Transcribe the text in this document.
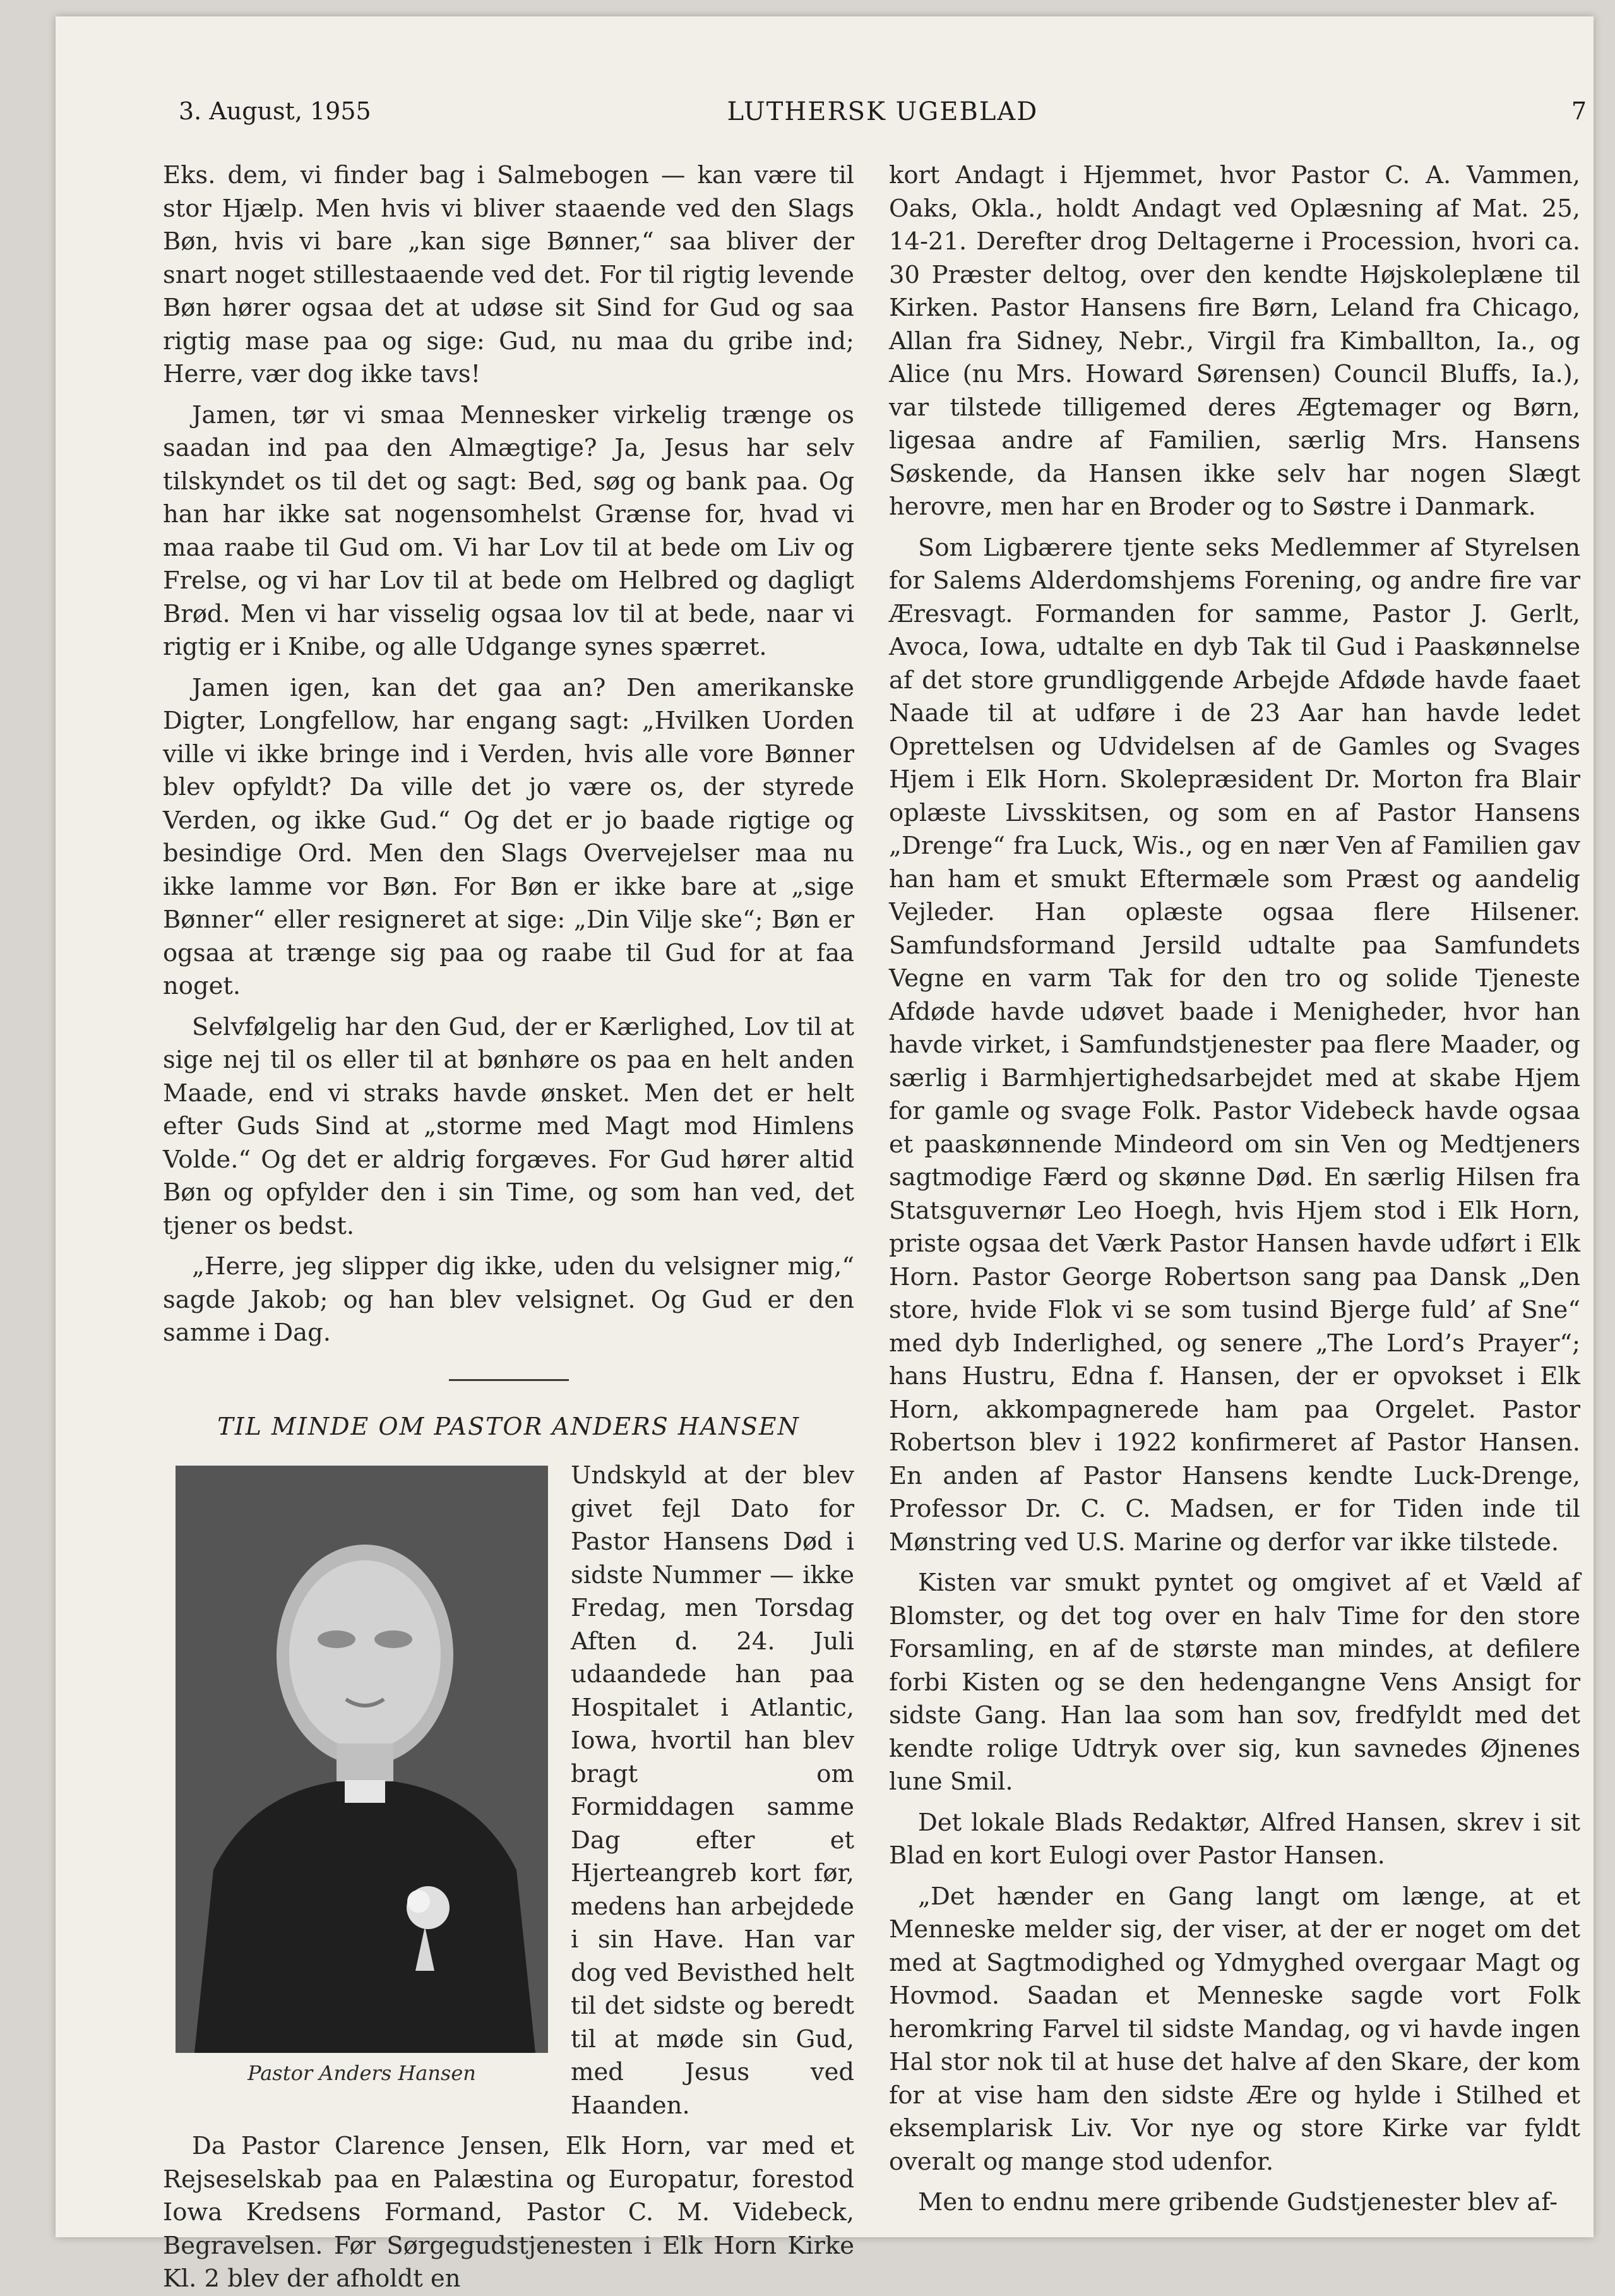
3. August, 1955	LUTHERSK UGEBLAD	7

Eks. dem, vi finder bag i Salmebogen — kan være til stor Hjælp. Men hvis vi bliver staaende ved den Slags Bøn, hvis vi bare „kan sige Bønner,“ saa bliver der snart noget stillestaaende ved det. For til rigtig levende Bøn hører ogsaa det at udøse sit Sind for Gud og saa rigtig mase paa og sige: Gud, nu maa du gribe ind; Herre, vær dog ikke tavs!

Jamen, tør vi smaa Mennesker virkelig trænge os saadan ind paa den Almægtige? Ja, Jesus har selv tilskyndet os til det og sagt: Bed, søg og bank paa. Og han har ikke sat nogensomhelst Grænse for, hvad vi maa raabe til Gud om. Vi har Lov til at bede om Liv og Frelse, og vi har Lov til at bede om Helbred og dagligt Brød. Men vi har visselig ogsaa lov til at bede, naar vi rigtig er i Knibe, og alle Udgange synes spærret.

Jamen igen, kan det gaa an? Den amerikanske Digter, Longfellow, har engang sagt: „Hvilken Uorden ville vi ikke bringe ind i Verden, hvis alle vore Bønner blev opfyldt? Da ville det jo være os, der styrede Verden, og ikke Gud.“ Og det er jo baade rigtige og besindige Ord. Men den Slags Overvejelser maa nu ikke lamme vor Bøn. For Bøn er ikke bare at „sige Bønner“ eller resigneret at sige: „Din Vilje ske“; Bøn er ogsaa at trænge sig paa og raabe til Gud for at faa noget.

Selvfølgelig har den Gud, der er Kærlighed, Lov til at sige nej til os eller til at bønhøre os paa en helt anden Maade, end vi straks havde ønsket. Men det er helt efter Guds Sind at „storme med Magt mod Himlens Volde.“ Og det er aldrig forgæves. For Gud hører altid Bøn og opfylder den i sin Time, og som han ved, det tjener os bedst.

„Herre, jeg slipper dig ikke, uden du velsigner mig,“ sagde Jakob; og han blev velsignet. Og Gud er den samme i Dag.

TIL MINDE OM PASTOR ANDERS HANSEN
Pastor Anders Hansen

Undskyld at der blev givet fejl Dato for Pastor Hansens Død i sidste Nummer — ikke Fredag, men Torsdag Aften d. 24. Juli udaandede han paa Hospitalet i Atlantic, Iowa, hvortil han blev bragt om Formiddagen samme Dag efter et Hjerteangreb kort før, medens han arbejdede i sin Have. Han var dog ved Bevisthed helt til det sidste og beredt til at møde sin Gud, med Jesus ved Haanden.

Da Pastor Clarence Jensen, Elk Horn, var med et Rejseselskab paa en Palæstina og Europatur, forestod Iowa Kredsens Formand, Pastor C. M. Videbeck, Begravelsen. Før Sørgegudstjenesten i Elk Horn Kirke Kl. 2 blev der afholdt en

kort Andagt i Hjemmet, hvor Pastor C. A. Vammen, Oaks, Okla., holdt Andagt ved Oplæsning af Mat. 25, 14-21. Derefter drog Deltagerne i Procession, hvori ca. 30 Præster deltog, over den kendte Højskoleplæne til Kirken. Pastor Hansens fire Børn, Leland fra Chicago, Allan fra Sidney, Nebr., Virgil fra Kimballton, Ia., og Alice (nu Mrs. Howard Sørensen) Council Bluffs, Ia.), var tilstede tilligemed deres Ægtemager og Børn, ligesaa andre af Familien, særlig Mrs. Hansens Søskende, da Hansen ikke selv har nogen Slægt herovre, men har en Broder og to Søstre i Danmark.

Som Ligbærere tjente seks Medlemmer af Styrelsen for Salems Alderdomshjems Forening, og andre fire var Æresvagt. Formanden for samme, Pastor J. Gerlt, Avoca, Iowa, udtalte en dyb Tak til Gud i Paaskønnelse af det store grundliggende Arbejde Afdøde havde faaet Naade til at udføre i de 23 Aar han havde ledet Oprettelsen og Udvidelsen af de Gamles og Svages Hjem i Elk Horn. Skolepræsident Dr. Morton fra Blair oplæste Livsskitsen, og som en af Pastor Hansens „Drenge“ fra Luck, Wis., og en nær Ven af Familien gav han ham et smukt Eftermæle som Præst og aandelig Vejleder. Han oplæste ogsaa flere Hilsener. Samfundsformand Jersild udtalte paa Samfundets Vegne en varm Tak for den tro og solide Tjeneste Afdøde havde udøvet baade i Menigheder, hvor han havde virket, i Samfundstjenester paa flere Maader, og særlig i Barmhjertighedsarbejdet med at skabe Hjem for gamle og svage Folk. Pastor Videbeck havde ogsaa et paaskønnende Mindeord om sin Ven og Medtjeners sagtmodige Færd og skønne Død. En særlig Hilsen fra Statsguvernør Leo Hoegh, hvis Hjem stod i Elk Horn, priste ogsaa det Værk Pastor Hansen havde udført i Elk Horn. Pastor George Robertson sang paa Dansk „Den store, hvide Flok vi se som tusind Bjerge fuld’ af Sne“ med dyb Inderlighed, og senere „The Lord’s Prayer“; hans Hustru, Edna f. Hansen, der er opvokset i Elk Horn, akkompagnerede ham paa Orgelet. Pastor Robertson blev i 1922 konfirmeret af Pastor Hansen. En anden af Pastor Hansens kendte Luck-Drenge, Professor Dr. C. C. Madsen, er for Tiden inde til Mønstring ved U.S. Marine og derfor var ikke tilstede.

Kisten var smukt pyntet og omgivet af et Væld af Blomster, og det tog over en halv Time for den store Forsamling, en af de største man mindes, at defilere forbi Kisten og se den hedengangne Vens Ansigt for sidste Gang. Han laa som han sov, fredfyldt med det kendte rolige Udtryk over sig, kun savnedes Øjnenes lune Smil.

Det lokale Blads Redaktør, Alfred Hansen, skrev i sit Blad en kort Eulogi over Pastor Hansen.

„Det hænder en Gang langt om længe, at et Menneske melder sig, der viser, at der er noget om det med at Sagtmodighed og Ydmyghed overgaar Magt og Hovmod. Saadan et Menneske sagde vort Folk heromkring Farvel til sidste Mandag, og vi havde ingen Hal stor nok til at huse det halve af den Skare, der kom for at vise ham den sidste Ære og hylde i Stilhed et eksemplarisk Liv. Vor nye og store Kirke var fyldt overalt og mange stod udenfor.

Men to endnu mere gribende Gudstjenester blev af-
